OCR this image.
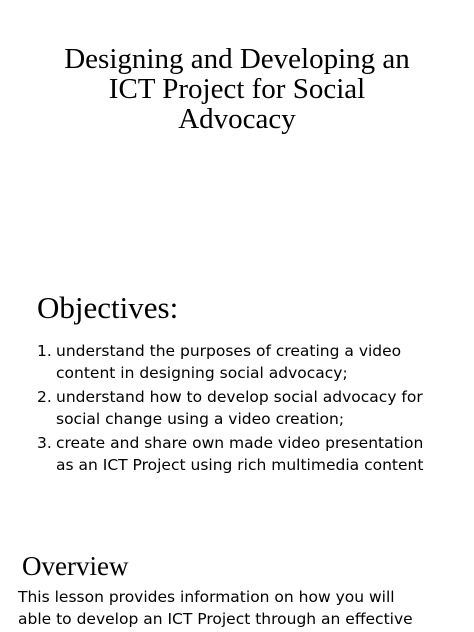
Designing and Developing an
ICT Project for Social
Advocacy
Objectives:
1. understand the purposes of creating a video
content in designing social advocacy;
2. understand how to develop social advocacy for
social change using a video creation;
3. create and share own made video presentation
as an ICT Project using rich multimedia content
Overview
This lesson provides information on how you will
able to develop an ICT Project through an effective
